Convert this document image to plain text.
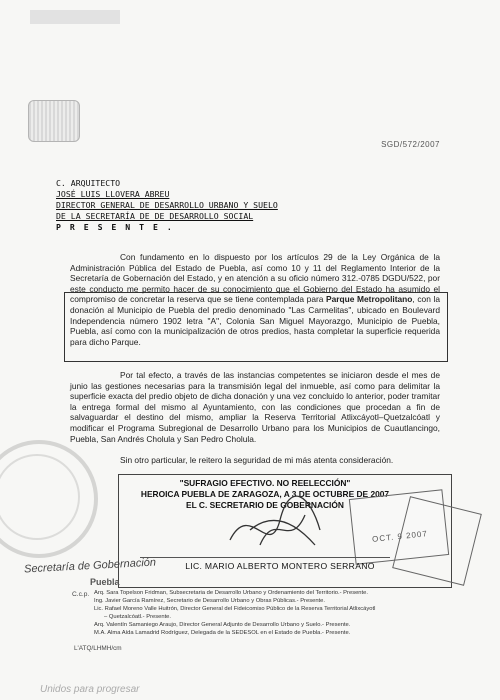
SGD/572/2007
C. ARQUITECTO
JOSÉ LUIS LLOVERA ABREU
DIRECTOR GENERAL DE DESARROLLO URBANO Y SUELO
DE LA SECRETARÍA DE DE DESARROLLO SOCIAL
P R E S E N T E .
Con fundamento en lo dispuesto por los artículos 29 de la Ley Orgánica de la Administración Pública del Estado de Puebla, así como 10 y 11 del Reglamento Interior de la Secretaría de Gobernación del Estado, y en atención a su oficio número 312.-0785 DGDU/522, por este conducto me permito hacer de su conocimiento que el Gobierno del Estado ha asumido el compromiso de concretar la reserva que se tiene contemplada para Parque Metropolitano, con la donación al Municipio de Puebla del predio denominado "Las Carmelitas", ubicado en Boulevard Independencia número 1902 letra "A", Colonia San Miguel Mayorazgo, Municipio de Puebla, Puebla, así como con la municipalización de otros predios, hasta completar la superficie requerida para dicho Parque.
Por tal efecto, a través de las instancias competentes se iniciaron desde el mes de junio las gestiones necesarias para la transmisión legal del inmueble, así como para delimitar la superficie exacta del predio objeto de dicha donación y una vez concluido lo anterior, poder tramitar la entrega formal del mismo al Ayuntamiento, con las condiciones que procedan a fin de salvaguardar el destino del mismo, ampliar la Reserva Territorial Atlixcáyotl–Quetzalcóatl y modificar el Programa Subregional de Desarrollo Urbano para los Municipios de Cuautlancingo, Puebla, San Andrés Cholula y San Pedro Cholula.
Sin otro particular, le reitero la seguridad de mi más atenta consideración.
"SUFRAGIO EFECTIVO. NO REELECCIÓN"
HEROICA PUEBLA DE ZARAGOZA, A 3 DE OCTUBRE DE 2007
EL C. SECRETARIO DE GOBERNACIÓN
OCT. 9 2007
LIC. MARIO ALBERTO MONTERO SERRANO
Secretaría de Gobernación
Puebla
C.c.p. Arq. Sara Topelson Fridman, Subsecretaria de Desarrollo Urbano y Ordenamiento del Territorio.- Presente.
Ing. Javier García Ramírez, Secretario de Desarrollo Urbano y Obras Públicas.- Presente.
Lic. Rafael Moreno Valle Huitrón, Director General del Fideicomiso Público de la Reserva Territorial Atlixcáyotl
– Quetzalcóatl.- Presente.
Arq. Valentín Samaniego Araujo, Director General Adjunto de Desarrollo Urbano y Suelo.- Presente.
M.A. Alma Aída Lamadrid Rodríguez, Delegada de la SEDESOL en el Estado de Puebla.- Presente.
L'ATQ/LHMH/cm
Unidos para progresar
